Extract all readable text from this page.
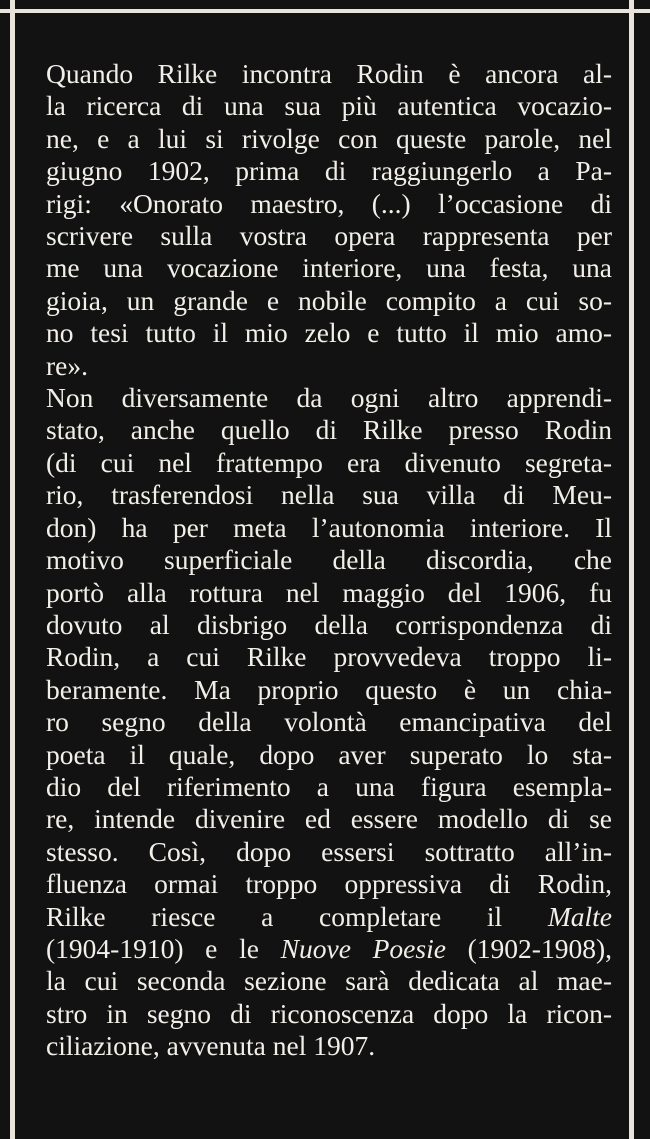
Quando Rilke incontra Rodin è ancora al-
la ricerca di una sua più autentica vocazio-
ne, e a lui si rivolge con queste parole, nel
giugno 1902, prima di raggiungerlo a Pa-
rigi: «Onorato maestro, (...) l’occasione di
scrivere sulla vostra opera rappresenta per
me una vocazione interiore, una festa, una
gioia, un grande e nobile compito a cui so-
no tesi tutto il mio zelo e tutto il mio amo-
re».
Non diversamente da ogni altro apprendi-
stato, anche quello di Rilke presso Rodin
(di cui nel frattempo era divenuto segreta-
rio, trasferendosi nella sua villa di Meu-
don) ha per meta l’autonomia interiore. Il
motivo superficiale della discordia, che
portò alla rottura nel maggio del 1906, fu
dovuto al disbrigo della corrispondenza di
Rodin, a cui Rilke provvedeva troppo li-
beramente. Ma proprio questo è un chia-
ro segno della volontà emancipativa del
poeta il quale, dopo aver superato lo sta-
dio del riferimento a una figura esempla-
re, intende divenire ed essere modello di se
stesso. Così, dopo essersi sottratto all’in-
fluenza ormai troppo oppressiva di Rodin,
Rilke riesce a completare il Malte
(1904-1910) e le Nuove Poesie (1902-1908),
la cui seconda sezione sarà dedicata al mae-
stro in segno di riconoscenza dopo la ricon-
ciliazione, avvenuta nel 1907.
